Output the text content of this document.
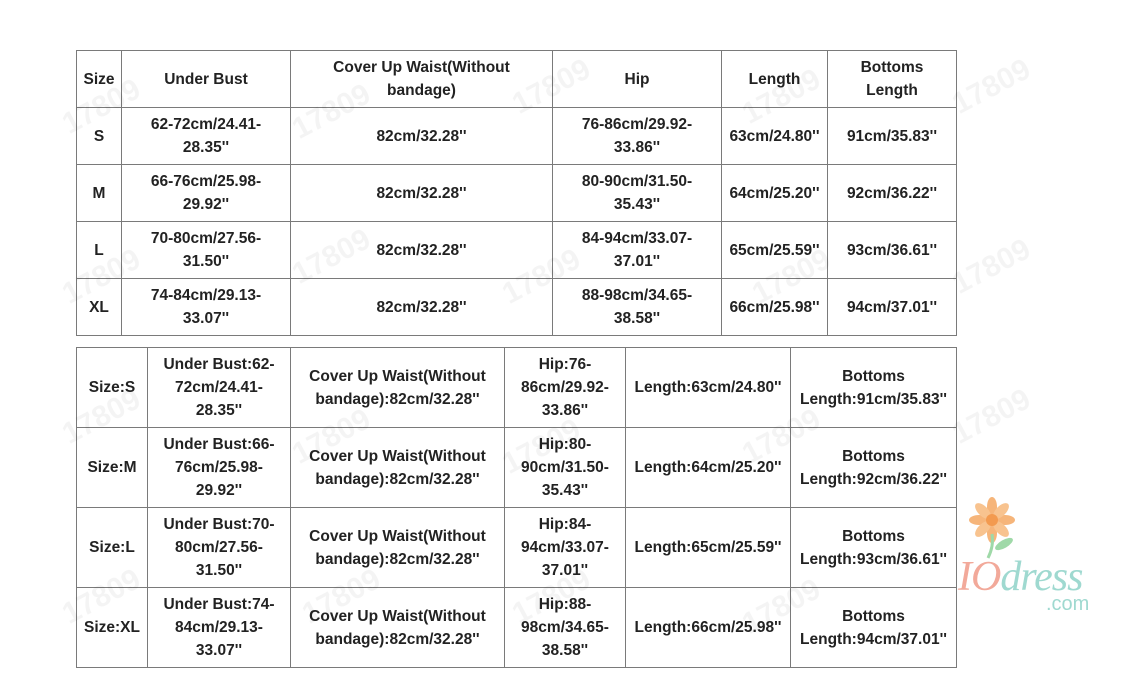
Size	Under Bust	Cover Up Waist(Without
bandage)	Hip	Length	Bottoms
Length
S	62-72cm/24.41-
28.35''	82cm/32.28''	76-86cm/29.92-
33.86''	63cm/24.80''	91cm/35.83''
M	66-76cm/25.98-
29.92''	82cm/32.28''	80-90cm/31.50-
35.43''	64cm/25.20''	92cm/36.22''
L	70-80cm/27.56-
31.50''	82cm/32.28''	84-94cm/33.07-
37.01''	65cm/25.59''	93cm/36.61''
XL	74-84cm/29.13-
33.07''	82cm/32.28''	88-98cm/34.65-
38.58''	66cm/25.98''	94cm/37.01''
Size:S	Under Bust:62-
72cm/24.41-
28.35''	Cover Up Waist(Without
bandage):82cm/32.28''	Hip:76-
86cm/29.92-
33.86''	Length:63cm/24.80''	Bottoms
Length:91cm/35.83''
Size:M	Under Bust:66-
76cm/25.98-
29.92''	Cover Up Waist(Without
bandage):82cm/32.28''	Hip:80-
90cm/31.50-
35.43''	Length:64cm/25.20''	Bottoms
Length:92cm/36.22''
Size:L	Under Bust:70-
80cm/27.56-
31.50''	Cover Up Waist(Without
bandage):82cm/32.28''	Hip:84-
94cm/33.07-
37.01''	Length:65cm/25.59''	Bottoms
Length:93cm/36.61''
Size:XL	Under Bust:74-
84cm/29.13-
33.07''	Cover Up Waist(Without
bandage):82cm/32.28''	Hip:88-
98cm/34.65-
38.58''	Length:66cm/25.98''	Bottoms
Length:94cm/37.01''
IOdress
.com
